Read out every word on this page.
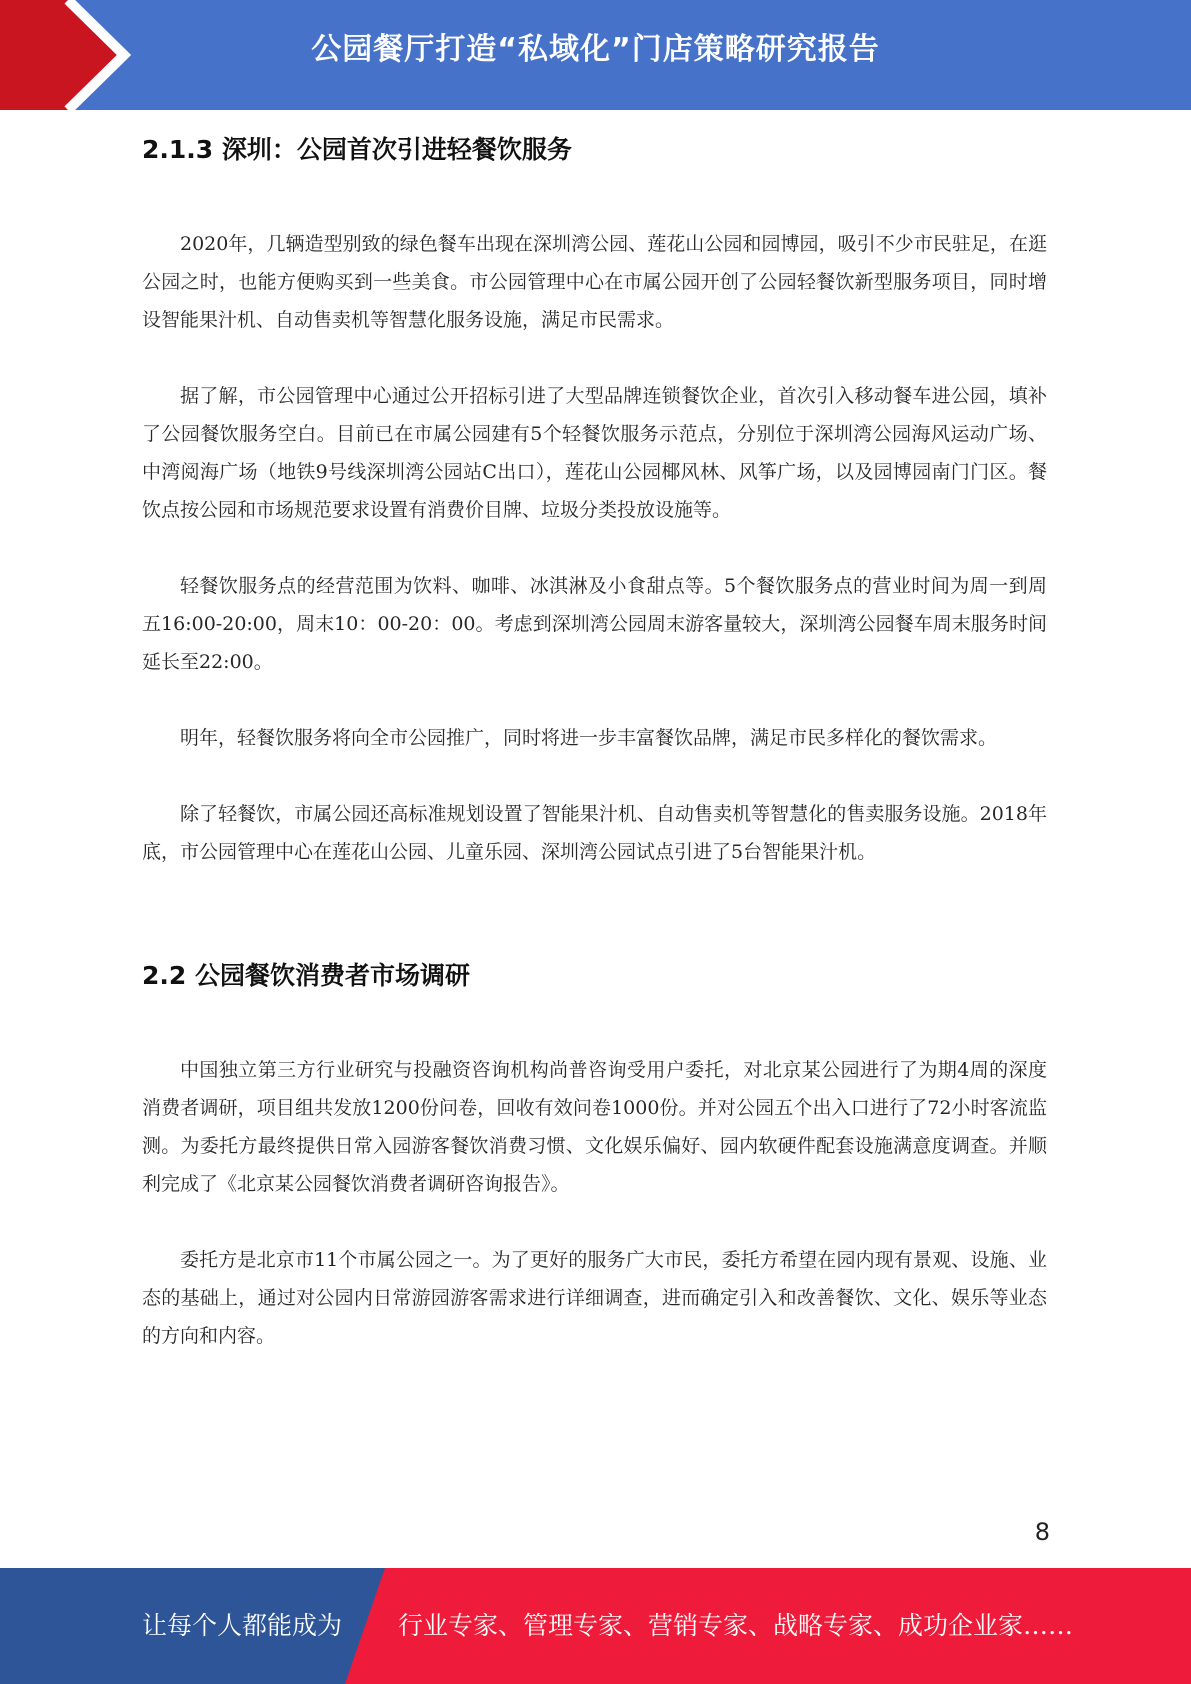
公园餐厅打造“私域化”门店策略研究报告
2.1.3 深圳：公园首次引进轻餐饮服务

2020年，几辆造型别致的绿色餐车出现在深圳湾公园、莲花山公园和园博园，吸引不少市民驻足，在逛公园之时，也能方便购买到一些美食。市公园管理中心在市属公园开创了公园轻餐饮新型服务项目，同时增设智能果汁机、自动售卖机等智慧化服务设施，满足市民需求。

据了解，市公园管理中心通过公开招标引进了大型品牌连锁餐饮企业，首次引入移动餐车进公园，填补了公园餐饮服务空白。目前已在市属公园建有5个轻餐饮服务示范点，分别位于深圳湾公园海风运动广场、中湾阅海广场（地铁9号线深圳湾公园站C出口），莲花山公园椰风林、风筝广场，以及园博园南门门区。餐饮点按公园和市场规范要求设置有消费价目牌、垃圾分类投放设施等。

轻餐饮服务点的经营范围为饮料、咖啡、冰淇淋及小食甜点等。5个餐饮服务点的营业时间为周一到周五16:00-20:00，周末10：00-20：00。考虑到深圳湾公园周末游客量较大，深圳湾公园餐车周末服务时间延长至22:00。

明年，轻餐饮服务将向全市公园推广，同时将进一步丰富餐饮品牌，满足市民多样化的餐饮需求。

除了轻餐饮，市属公园还高标准规划设置了智能果汁机、自动售卖机等智慧化的售卖服务设施。2018年底，市公园管理中心在莲花山公园、儿童乐园、深圳湾公园试点引进了5台智能果汁机。

2.2 公园餐饮消费者市场调研

中国独立第三方行业研究与投融资咨询机构尚普咨询受用户委托，对北京某公园进行了为期4周的深度消费者调研，项目组共发放1200份问卷，回收有效问卷1000份。并对公园五个出入口进行了72小时客流监测。为委托方最终提供日常入园游客餐饮消费习惯、文化娱乐偏好、园内软硬件配套设施满意度调查。并顺利完成了《北京某公园餐饮消费者调研咨询报告》。

委托方是北京市11个市属公园之一。为了更好的服务广大市民，委托方希望在园内现有景观、设施、业态的基础上，通过对公园内日常游园游客需求进行详细调查，进而确定引入和改善餐饮、文化、娱乐等业态的方向和内容。

8
让每个人都能成为 行业专家、管理专家、营销专家、战略专家、成功企业家……
